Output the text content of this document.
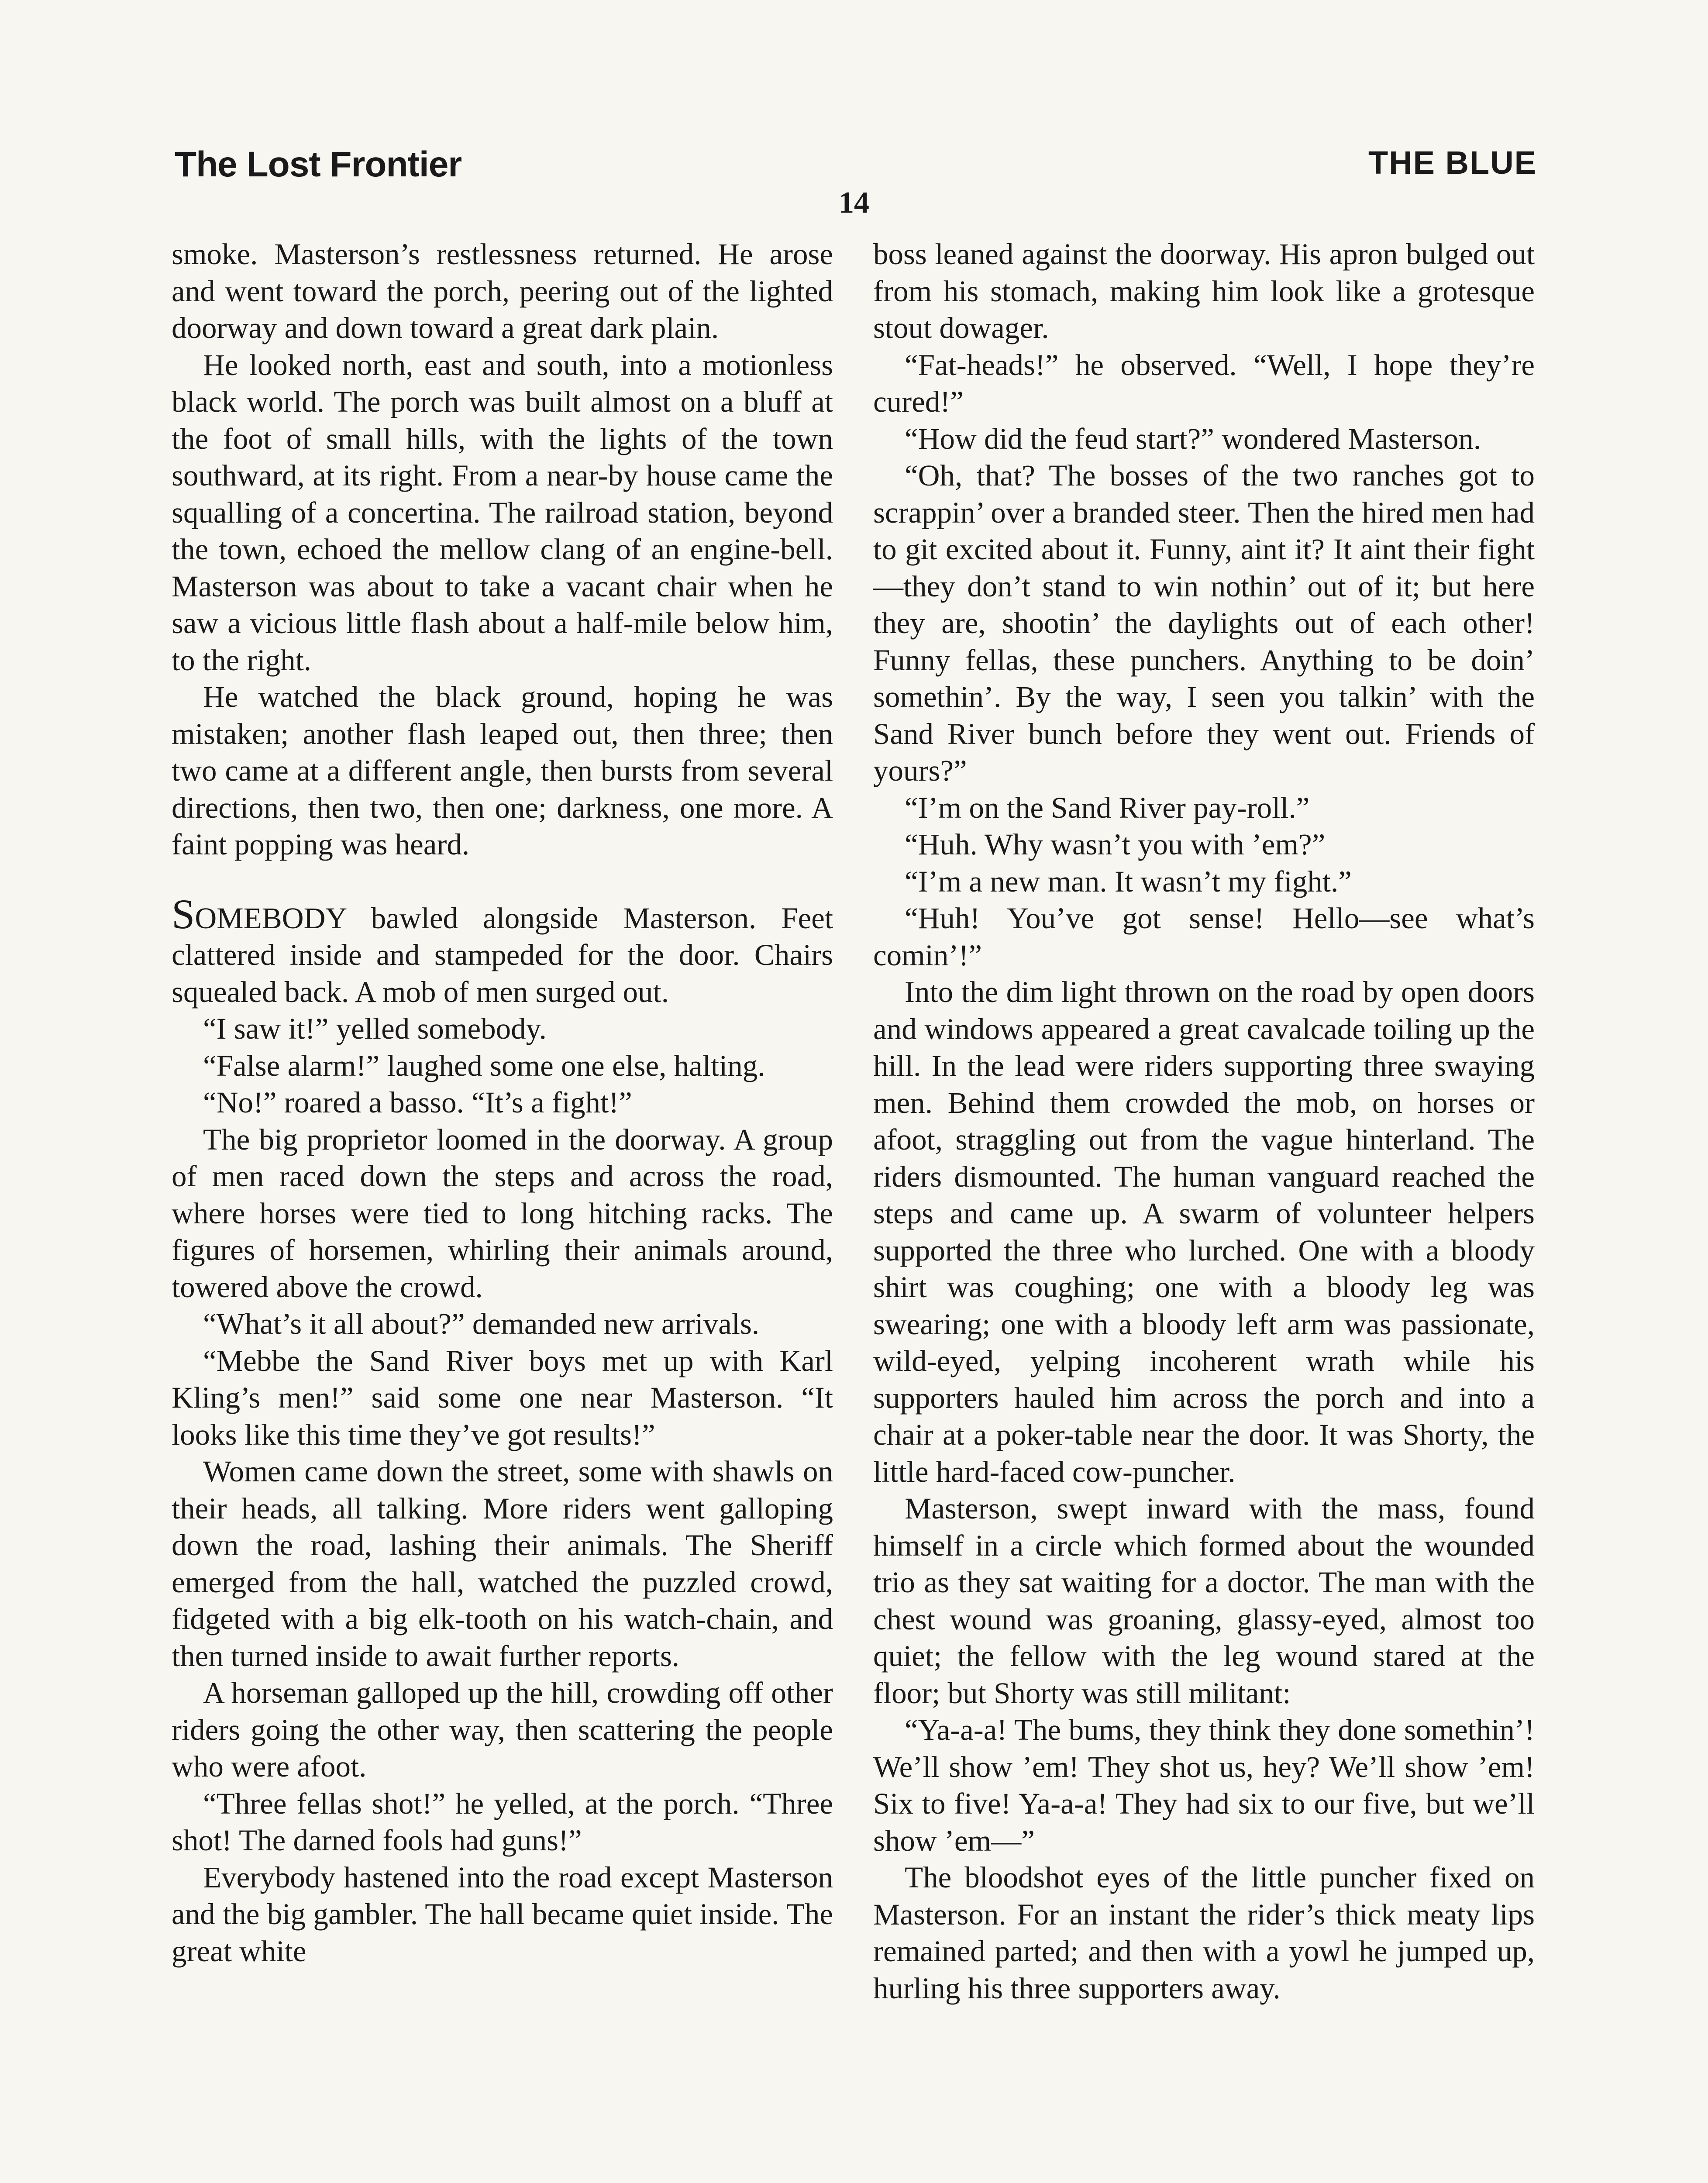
The Lost Frontier	THE BLUE
14

smoke. Masterson’s restlessness returned. He arose and went toward the porch, peering out of the lighted doorway and down toward a great dark plain.

He looked north, east and south, into a motionless black world. The porch was built almost on a bluff at the foot of small hills, with the lights of the town southward, at its right. From a near-by house came the squalling of a concertina. The railroad station, beyond the town, echoed the mellow clang of an engine-bell. Masterson was about to take a vacant chair when he saw a vicious little flash about a half-mile below him, to the right.

He watched the black ground, hoping he was mistaken; another flash leaped out, then three; then two came at a different angle, then bursts from several directions, then two, then one; darkness, one more. A faint popping was heard.

SOMEBODY bawled alongside Masterson. Feet clattered inside and stampeded for the door. Chairs squealed back. A mob of men surged out.

“I saw it!” yelled somebody.

“False alarm!” laughed some one else, halting.

“No!” roared a basso. “It’s a fight!”

The big proprietor loomed in the doorway. A group of men raced down the steps and across the road, where horses were tied to long hitching racks. The figures of horsemen, whirling their animals around, towered above the crowd.

“What’s it all about?” demanded new arrivals.

“Mebbe the Sand River boys met up with Karl Kling’s men!” said some one near Masterson. “It looks like this time they’ve got results!”

Women came down the street, some with shawls on their heads, all talking. More riders went galloping down the road, lashing their animals. The Sheriff emerged from the hall, watched the puzzled crowd, fidgeted with a big elk-tooth on his watch-chain, and then turned inside to await further reports.

A horseman galloped up the hill, crowding off other riders going the other way, then scattering the people who were afoot.

“Three fellas shot!” he yelled, at the porch. “Three shot! The darned fools had guns!”

Everybody hastened into the road except Masterson and the big gambler. The hall became quiet inside. The great white

boss leaned against the doorway. His apron bulged out from his stomach, making him look like a grotesque stout dowager.

“Fat-heads!” he observed. “Well, I hope they’re cured!”

“How did the feud start?” wondered Masterson.

“Oh, that? The bosses of the two ranches got to scrappin’ over a branded steer. Then the hired men had to git excited about it. Funny, aint it? It aint their fight—they don’t stand to win nothin’ out of it; but here they are, shootin’ the daylights out of each other! Funny fellas, these punchers. Anything to be doin’ somethin’. By the way, I seen you talkin’ with the Sand River bunch before they went out. Friends of yours?”

“I’m on the Sand River pay-roll.”

“Huh. Why wasn’t you with ’em?”

“I’m a new man. It wasn’t my fight.”

“Huh! You’ve got sense! Hello—see what’s comin’!”

Into the dim light thrown on the road by open doors and windows appeared a great cavalcade toiling up the hill. In the lead were riders supporting three swaying men. Behind them crowded the mob, on horses or afoot, straggling out from the vague hinterland. The riders dismounted. The human vanguard reached the steps and came up. A swarm of volunteer helpers supported the three who lurched. One with a bloody shirt was coughing; one with a bloody leg was swearing; one with a bloody left arm was passionate, wild-eyed, yelping incoherent wrath while his supporters hauled him across the porch and into a chair at a poker-table near the door. It was Shorty, the little hard-faced cow-puncher.

Masterson, swept inward with the mass, found himself in a circle which formed about the wounded trio as they sat waiting for a doctor. The man with the chest wound was groaning, glassy-eyed, almost too quiet; the fellow with the leg wound stared at the floor; but Shorty was still militant:

“Ya-a-a! The bums, they think they done somethin’! We’ll show ’em! They shot us, hey? We’ll show ’em! Six to five! Ya-a-a! They had six to our five, but we’ll show ’em—”

The bloodshot eyes of the little puncher fixed on Masterson. For an instant the rider’s thick meaty lips remained parted; and then with a yowl he jumped up, hurling his three supporters away.
